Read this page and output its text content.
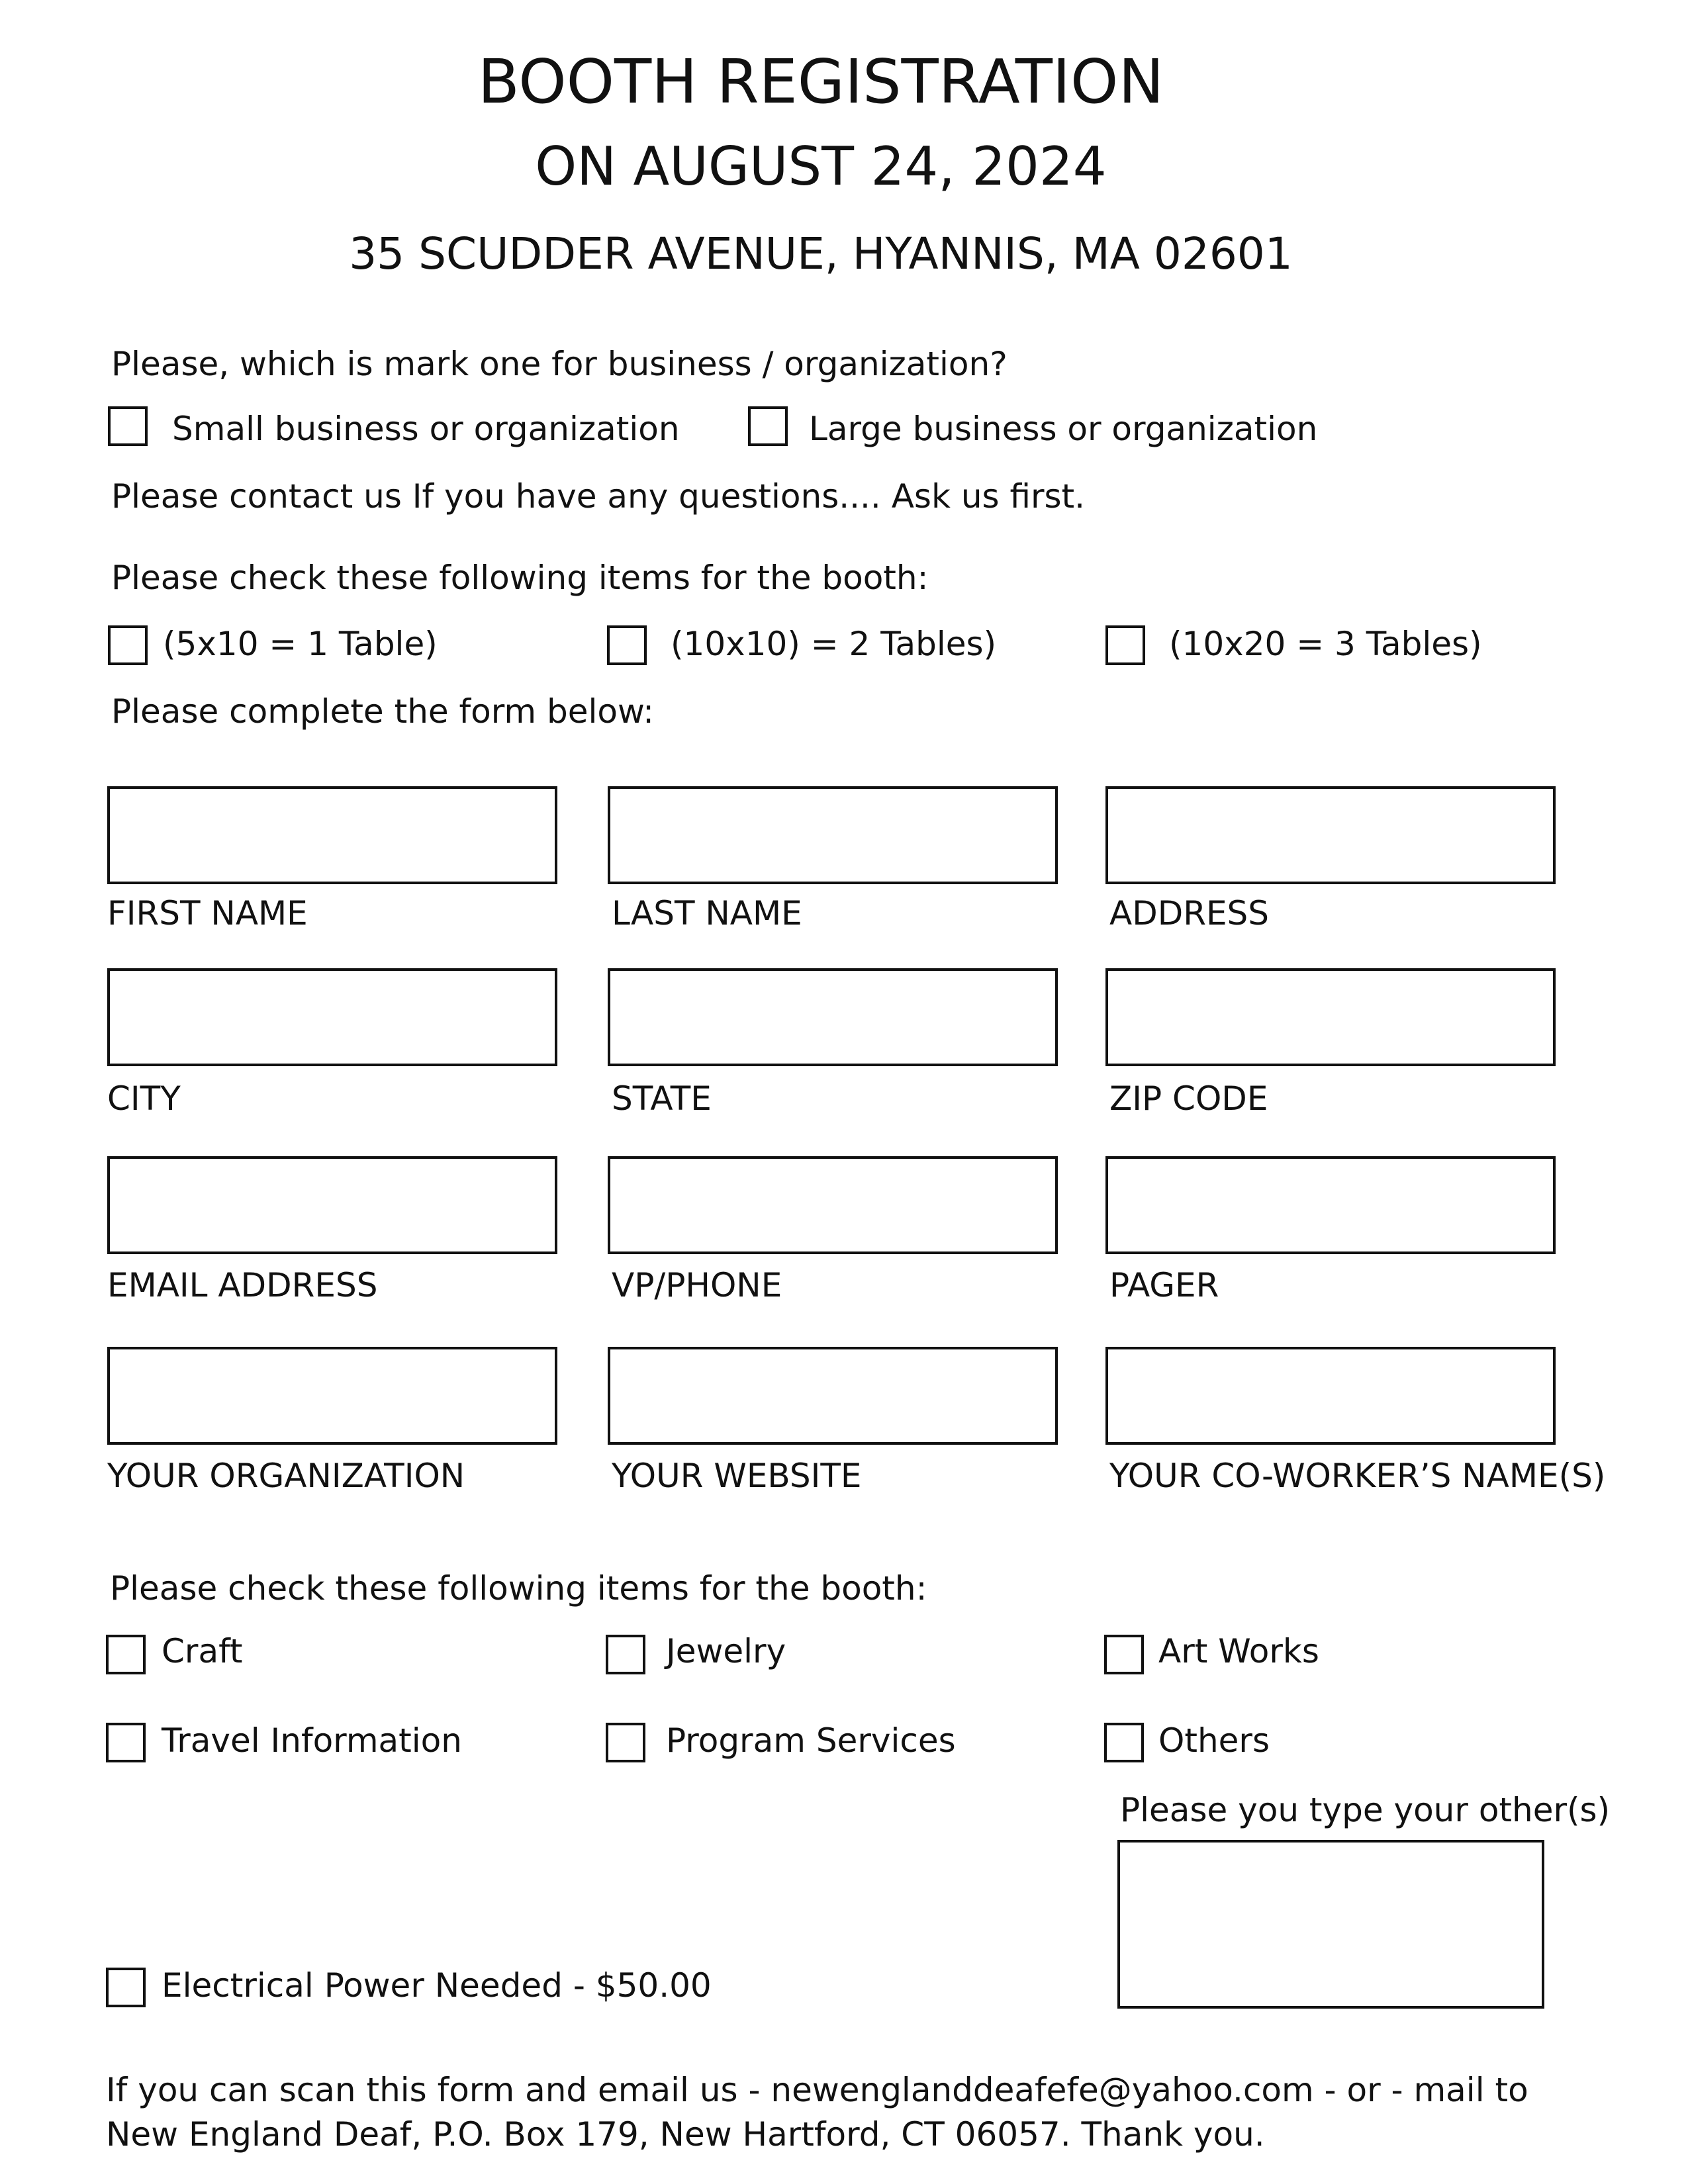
BOOTH REGISTRATION
ON AUGUST 24, 2024
35 SCUDDER AVENUE, HYANNIS, MA 02601
Please, which is mark one for business / organization?
Small business or organization	Large business or organization
Please contact us If you have any questions.... Ask us first.
Please check these following items for the booth:
(5x10 = 1 Table)	(10x10) = 2 Tables)	(10x20 = 3 Tables)
Please complete the form below:
FIRST NAME	LAST NAME	ADDRESS
CITY	STATE	ZIP CODE
EMAIL ADDRESS	VP/PHONE	PAGER
YOUR ORGANIZATION	YOUR WEBSITE	YOUR CO-WORKER’S NAME(S)
Please check these following items for the booth:
Craft	Jewelry	Art Works
Travel Information	Program Services	Others
Please you type your other(s)
Electrical Power Needed - $50.00
If you can scan this form and email us - newenglanddeafefe@yahoo.com - or - mail to New England Deaf, P.O. Box 179, New Hartford, CT 06057. Thank you.
